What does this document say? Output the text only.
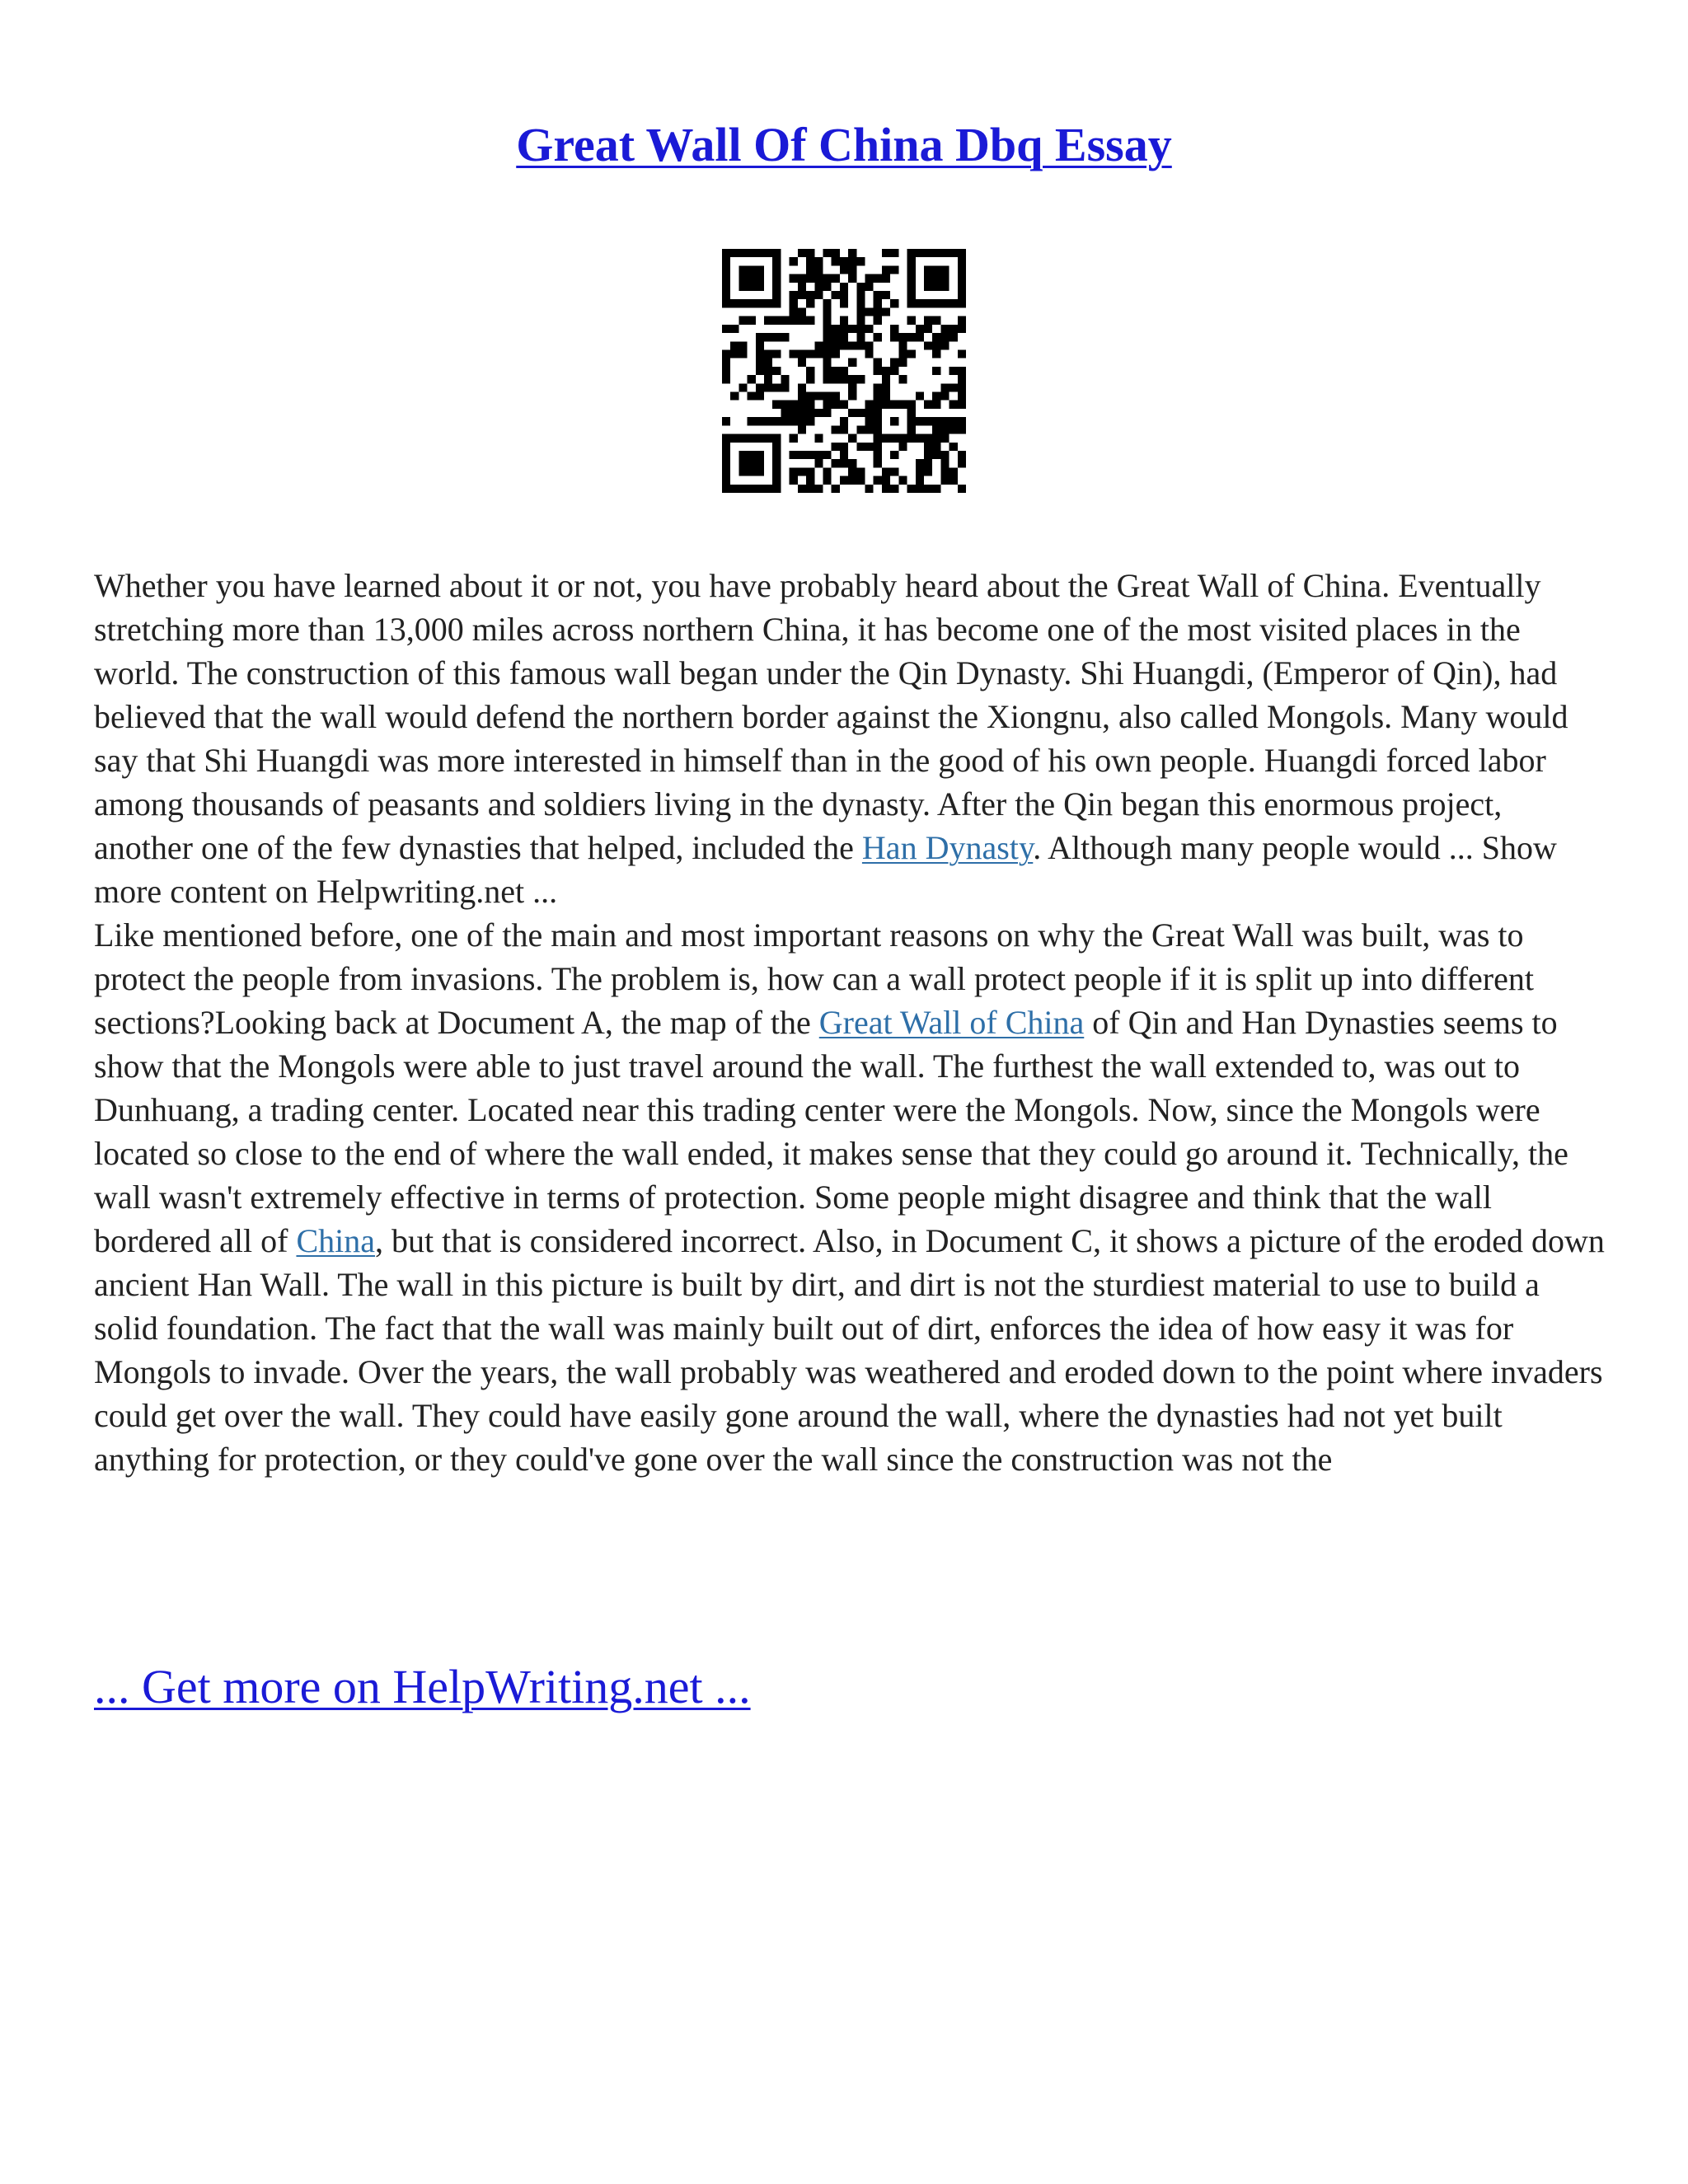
Great Wall Of China Dbq Essay

Whether you have learned about it or not, you have probably heard about the Great Wall of China. Eventually stretching more than 13,000 miles across northern China, it has become one of the most visited places in the world. The construction of this famous wall began under the Qin Dynasty. Shi Huangdi, (Emperor of Qin), had believed that the wall would defend the northern border against the Xiongnu, also called Mongols. Many would say that Shi Huangdi was more interested in himself than in the good of his own people. Huangdi forced labor among thousands of peasants and soldiers living in the dynasty. After the Qin began this enormous project, another one of the few dynasties that helped, included the Han Dynasty. Although many people would ... Show more content on Helpwriting.net ...

Like mentioned before, one of the main and most important reasons on why the Great Wall was built, was to protect the people from invasions. The problem is, how can a wall protect people if it is split up into different sections?Looking back at Document A, the map of the Great Wall of China of Qin and Han Dynasties seems to show that the Mongols were able to just travel around the wall. The furthest the wall extended to, was out to Dunhuang, a trading center. Located near this trading center were the Mongols. Now, since the Mongols were located so close to the end of where the wall ended, it makes sense that they could go around it. Technically, the wall wasn't extremely effective in terms of protection. Some people might disagree and think that the wall bordered all of China, but that is considered incorrect. Also, in Document C, it shows a picture of the eroded down ancient Han Wall. The wall in this picture is built by dirt, and dirt is not the sturdiest material to use to build a solid foundation. The fact that the wall was mainly built out of dirt, enforces the idea of how easy it was for Mongols to invade. Over the years, the wall probably was weathered and eroded down to the point where invaders could get over the wall. They could have easily gone around the wall, where the dynasties had not yet built anything for protection, or they could've gone over the wall since the construction was not the

... Get more on HelpWriting.net ...
